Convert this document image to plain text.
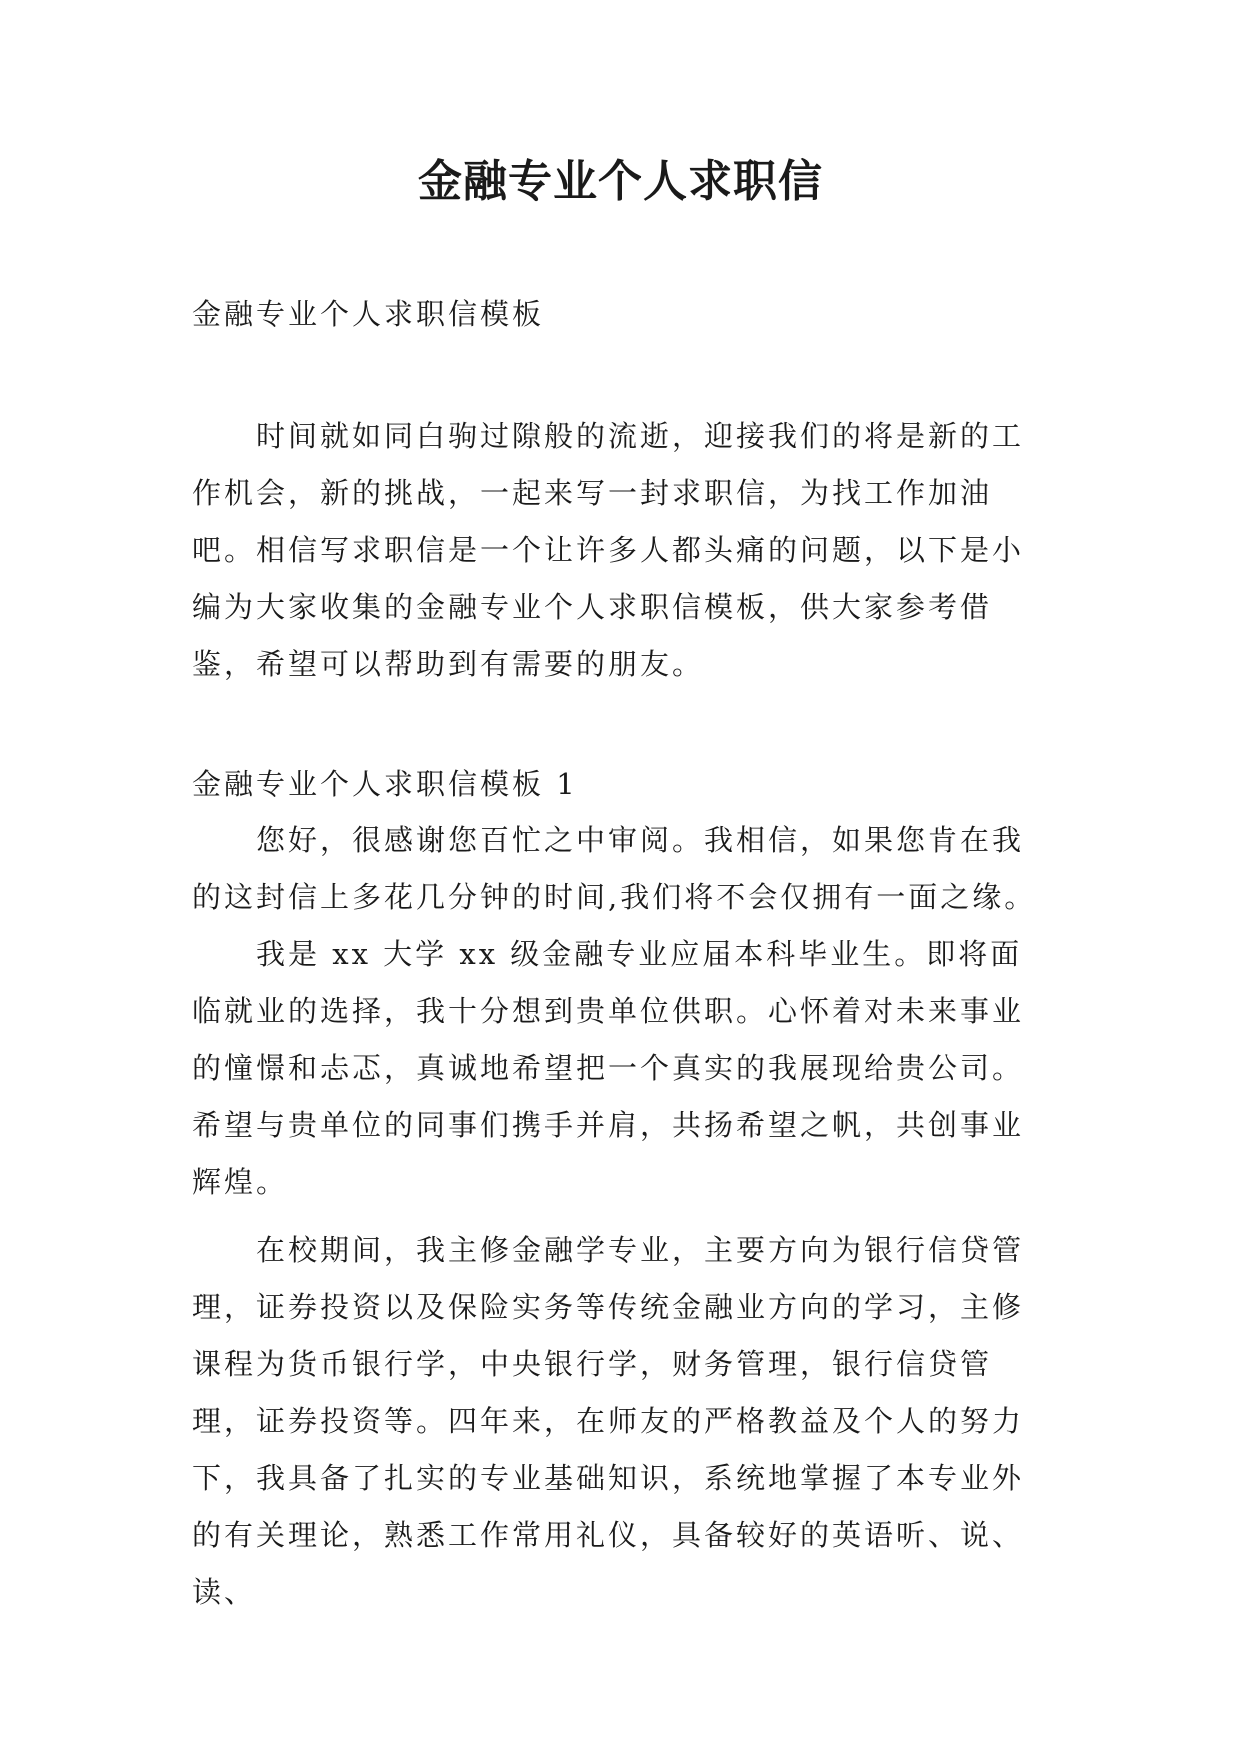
金融专业个人求职信

金融专业个人求职信模板

时间就如同白驹过隙般的流逝，迎接我们的将是新的工作机会，新的挑战，一起来写一封求职信，为找工作加油吧。相信写求职信是一个让许多人都头痛的问题，以下是小编为大家收集的金融专业个人求职信模板，供大家参考借鉴，希望可以帮助到有需要的朋友。

金融专业个人求职信模板 1

您好，很感谢您百忙之中审阅。我相信，如果您肯在我的这封信上多花几分钟的时间,我们将不会仅拥有一面之缘。

我是 xx 大学 xx 级金融专业应届本科毕业生。即将面临就业的选择，我十分想到贵单位供职。心怀着对未来事业的憧憬和忐忑，真诚地希望把一个真实的我展现给贵公司。希望与贵单位的同事们携手并肩，共扬希望之帆，共创事业辉煌。

在校期间，我主修金融学专业，主要方向为银行信贷管理，证券投资以及保险实务等传统金融业方向的学习，主修课程为货币银行学，中央银行学，财务管理，银行信贷管理，证券投资等。四年来，在师友的严格教益及个人的努力下，我具备了扎实的专业基础知识，系统地掌握了本专业外的有关理论，熟悉工作常用礼仪，具备较好的英语听、说、读、
